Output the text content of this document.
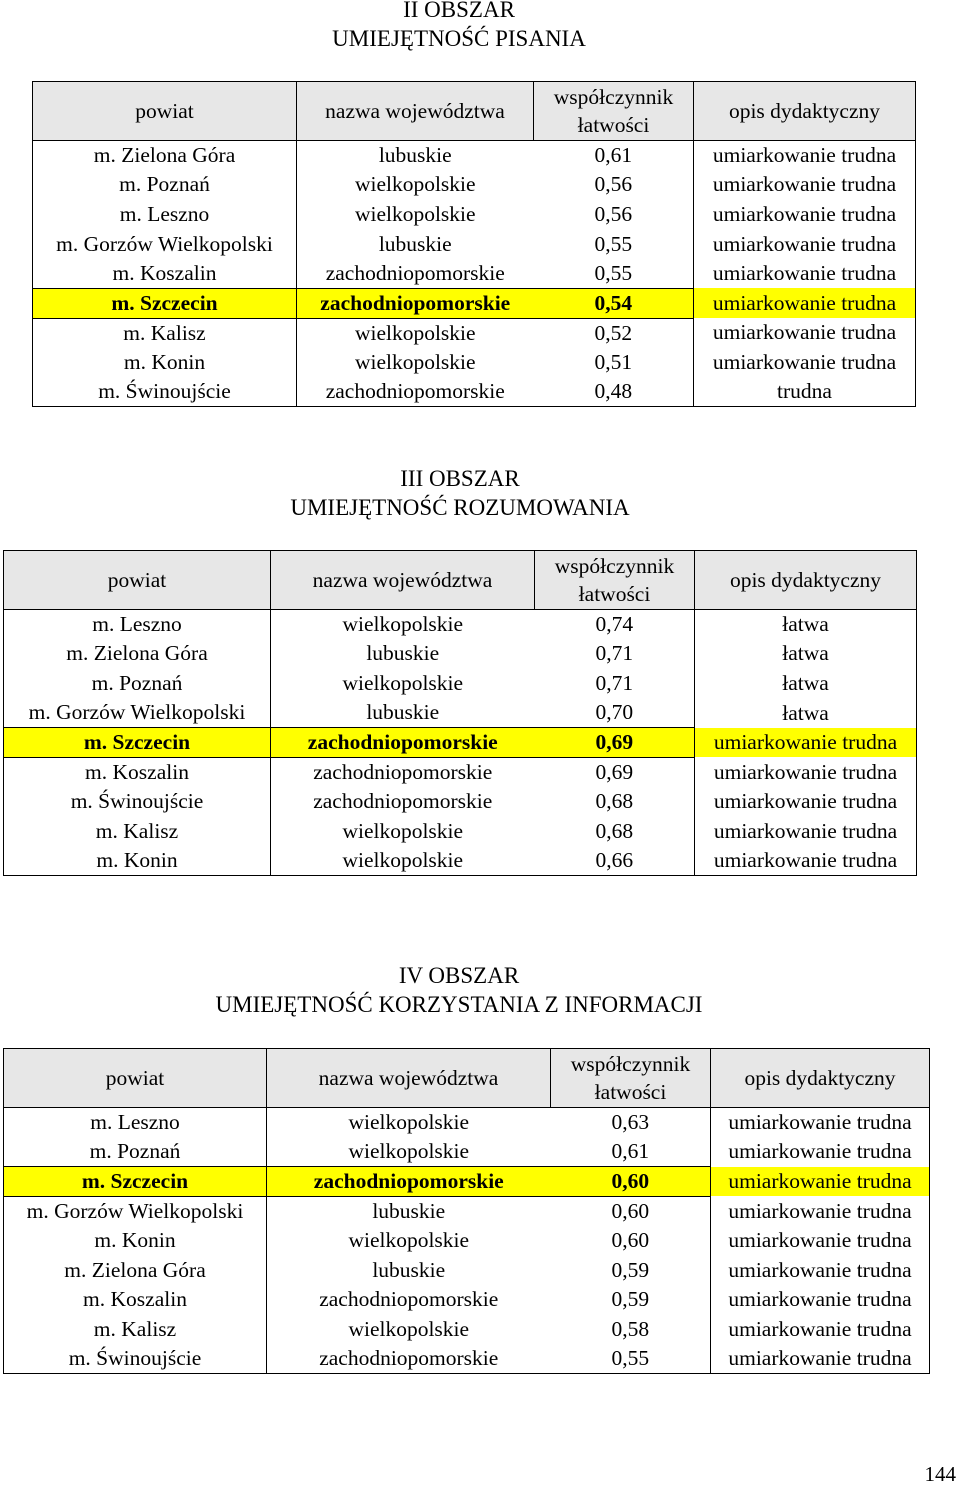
II OBSZAR
UMIEJĘTNOŚĆ PISANIA
powiat	nazwa województwa	współczynnik łatwości	opis dydaktyczny
m. Zielona Góra	lubuskie	0,61	umiarkowanie trudna
m. Poznań	wielkopolskie	0,56	umiarkowanie trudna
m. Leszno	wielkopolskie	0,56	umiarkowanie trudna
m. Gorzów Wielkopolski	lubuskie	0,55	umiarkowanie trudna
m. Koszalin	zachodniopomorskie	0,55	umiarkowanie trudna
m. Szczecin	zachodniopomorskie	0,54	umiarkowanie trudna
m. Kalisz	wielkopolskie	0,52	umiarkowanie trudna
m. Konin	wielkopolskie	0,51	umiarkowanie trudna
m. Świnoujście	zachodniopomorskie	0,48	trudna
III OBSZAR
UMIEJĘTNOŚĆ ROZUMOWANIA
powiat	nazwa województwa	współczynnik łatwości	opis dydaktyczny
m. Leszno	wielkopolskie	0,74	łatwa
m. Zielona Góra	lubuskie	0,71	łatwa
m. Poznań	wielkopolskie	0,71	łatwa
m. Gorzów Wielkopolski	lubuskie	0,70	łatwa
m. Szczecin	zachodniopomorskie	0,69	umiarkowanie trudna
m. Koszalin	zachodniopomorskie	0,69	umiarkowanie trudna
m. Świnoujście	zachodniopomorskie	0,68	umiarkowanie trudna
m. Kalisz	wielkopolskie	0,68	umiarkowanie trudna
m. Konin	wielkopolskie	0,66	umiarkowanie trudna
IV OBSZAR
UMIEJĘTNOŚĆ KORZYSTANIA Z INFORMACJI
powiat	nazwa województwa	współczynnik łatwości	opis dydaktyczny
m. Leszno	wielkopolskie	0,63	umiarkowanie trudna
m. Poznań	wielkopolskie	0,61	umiarkowanie trudna
m. Szczecin	zachodniopomorskie	0,60	umiarkowanie trudna
m. Gorzów Wielkopolski	lubuskie	0,60	umiarkowanie trudna
m. Konin	wielkopolskie	0,60	umiarkowanie trudna
m. Zielona Góra	lubuskie	0,59	umiarkowanie trudna
m. Koszalin	zachodniopomorskie	0,59	umiarkowanie trudna
m. Kalisz	wielkopolskie	0,58	umiarkowanie trudna
m. Świnoujście	zachodniopomorskie	0,55	umiarkowanie trudna
144
